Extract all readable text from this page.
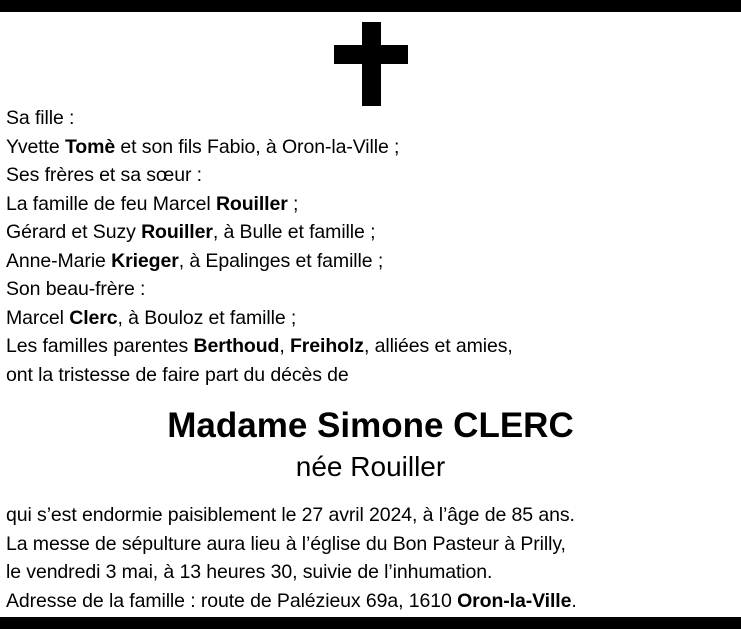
Sa fille :
Yvette Tomè et son fils Fabio, à Oron-la-Ville ;
Ses frères et sa sœur :
La famille de feu Marcel Rouiller ;
Gérard et Suzy Rouiller, à Bulle et famille ;
Anne-Marie Krieger, à Epalinges et famille ;
Son beau-frère :
Marcel Clerc, à Bouloz et famille ;
Les familles parentes Berthoud, Freiholz, alliées et amies,
ont la tristesse de faire part du décès de
Madame Simone CLERC
née Rouiller
qui s’est endormie paisiblement le 27 avril 2024, à l’âge de 85 ans.
La messe de sépulture aura lieu à l’église du Bon Pasteur à Prilly,
le vendredi 3 mai, à 13 heures 30, suivie de l’inhumation.
Adresse de la famille : route de Palézieux 69a, 1610 Oron-la-Ville.
